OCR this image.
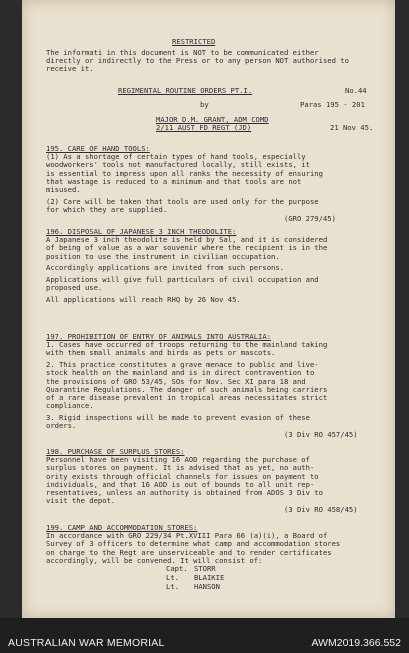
RESTRICTED
The informati in this document is NOT to be communicated either
directly or indirectly to the Press or to any person NOT authorised to
receive it.
REGIMENTAL ROUTINE ORDERS PT.I.	No.44
by	Paras 195 - 201
MAJOR D.M. GRANT, ADM COMD
2/11 AUST FD REGT (JD)	21 Nov 45.
195. CARE OF HAND TOOLS:
(1) As a shortage of certain types of hand tools, especially
woodworkers' tools not manufactured locally, still exists, it
is essential to impress upon all ranks the necessity of ensuring
that wastage is reduced to a minimum and that tools are not
misused.
(2) Care will be taken that tools are used only for the purpose
for which they are supplied.
(GRO 279/45)
196. DISPOSAL OF JAPANESE 3 INCH THEODOLITE:
A Japanese 3 inch theodolite is held by Sal, and it is considered
of being of value as a war souvenir where the recipient is in the
position to use the instrument in civilian occupation.
Accordingly applications are invited from such persons.
Applications will give full particulars of civil occupation and
proposed use.
All applications will reach RHQ by 26 Nov 45.
197. PROHIBITION OF ENTRY OF ANIMALS INTO AUSTRALIA:
1. Cases have occurred of troops returning to the mainland taking
with them small animals and birds as pets or mascots.
2. This practice constitutes a grave menace to public and live-
stock health on the mainland and is in direct contravention to
the provisions of GRO 53/45, SOs for Nov. Sec XI para 18 and
Quarantine Regulations. The danger of such animals being carriers
of a rare disease prevalent in tropical areas necessitates strict
compliance.
3. Rigid inspections will be made to prevent evasion of these
orders.
(3 Div RO 457/45)
198. PURCHASE OF SURPLUS STORES:
Personnel have been visiting 16 AOD regarding the purchase of
surplus stores on payment. It is advised that as yet, no auth-
ority exists through official channels for issues on payment to
individuals, and that 16 AOD is out of bounds to all unit rep-
resentatives, unless an authority is obtained from ADOS 3 Div to
visit the depot.
(3 Div RO 458/45)
199. CAMP AND ACCOMMODATION STORES:
In accordance with GRO 229/34 Pt.XVIII Para 66 (a)(i), a Board of
Survey of 3 officers to determine what camp and accommodation stores
on charge to the Regt are unserviceable and to render certificates
accordingly, will be convened. It will consist of:
Capt. STORR
Lt. BLAIKIE
Lt. HANSON
AUSTRALIAN WAR MEMORIAL	AWM2019.366.552
